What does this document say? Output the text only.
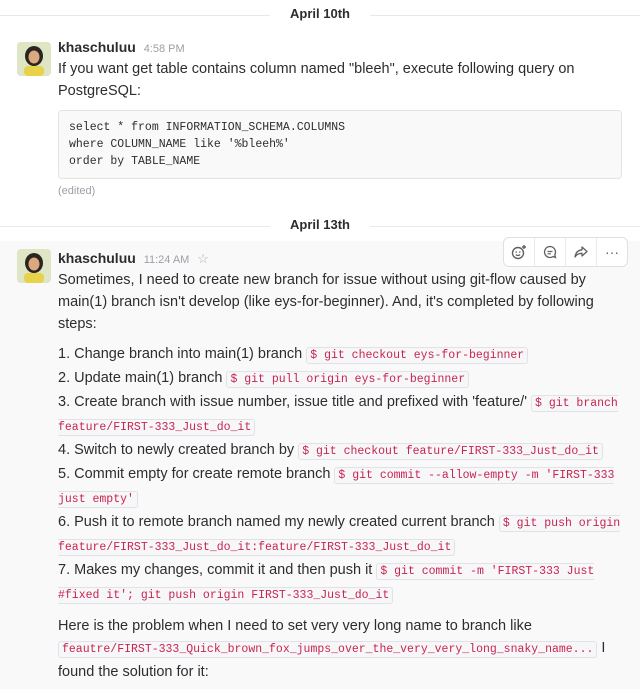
April 10th
khaschuluu 4:58 PM
If you want get table contains column named "bleeh", execute following query on PostgreSQL:
select * from INFORMATION_SCHEMA.COLUMNS
where COLUMN_NAME like '%bleeh%'
order by TABLE_NAME
(edited)
April 13th
···
khaschuluu 11:24 AM ☆
Sometimes, I need to create new branch for issue without using git-flow caused by main(1) branch isn't develop (like eys-for-beginner). And, it's completed by following steps:

1. Change branch into main(1) branch $ git checkout eys-for-beginner

2. Update main(1) branch $ git pull origin eys-for-beginner

3. Create branch with issue number, issue title and prefixed with 'feature/' $ git branch feature/FIRST-333_Just_do_it

4. Switch to newly created branch by $ git checkout feature/FIRST-333_Just_do_it

5. Commit empty for create remote branch $ git commit --allow-empty -m 'FIRST-333 just empty'

6. Push it to remote branch named my newly created current branch $ git push origin feature/FIRST-333_Just_do_it:feature/FIRST-333_Just_do_it

7. Makes my changes, commit it and then push it $ git commit -m 'FIRST-333 Just #fixed it'; git push origin FIRST-333_Just_do_it

Here is the problem when I need to set very very long name to branch like feautre/FIRST-333_Quick_brown_fox_jumps_over_the_very_very_long_snaky_name... I found the solution for it:
